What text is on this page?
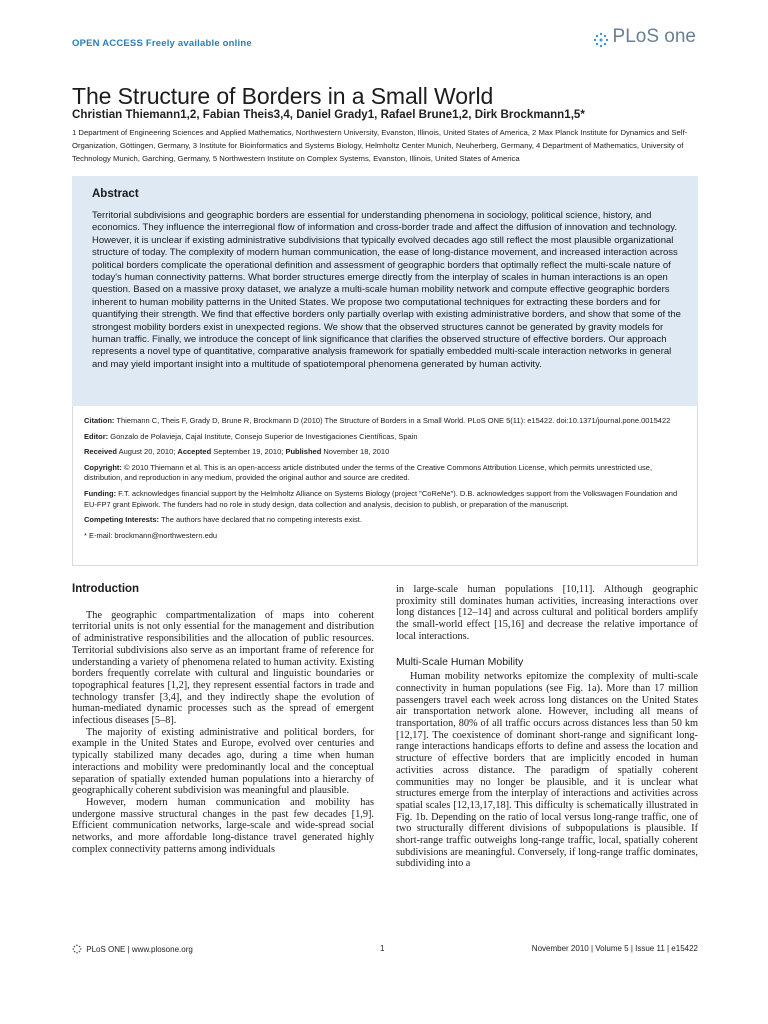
OPEN ACCESS Freely available online	PLoS one
The Structure of Borders in a Small World
Christian Thiemann1,2, Fabian Theis3,4, Daniel Grady1, Rafael Brune1,2, Dirk Brockmann1,5*
1 Department of Engineering Sciences and Applied Mathematics, Northwestern University, Evanston, Illinois, United States of America, 2 Max Planck Institute for Dynamics and Self-Organization, Göttingen, Germany, 3 Institute for Bioinformatics and Systems Biology, Helmholtz Center Munich, Neuherberg, Germany, 4 Department of Mathematics, University of Technology Munich, Garching, Germany, 5 Northwestern Institute on Complex Systems, Evanston, Illinois, United States of America
Abstract
Territorial subdivisions and geographic borders are essential for understanding phenomena in sociology, political science, history, and economics. They influence the interregional flow of information and cross-border trade and affect the diffusion of innovation and technology. However, it is unclear if existing administrative subdivisions that typically evolved decades ago still reflect the most plausible organizational structure of today. The complexity of modern human communication, the ease of long-distance movement, and increased interaction across political borders complicate the operational definition and assessment of geographic borders that optimally reflect the multi-scale nature of today's human connectivity patterns. What border structures emerge directly from the interplay of scales in human interactions is an open question. Based on a massive proxy dataset, we analyze a multi-scale human mobility network and compute effective geographic borders inherent to human mobility patterns in the United States. We propose two computational techniques for extracting these borders and for quantifying their strength. We find that effective borders only partially overlap with existing administrative borders, and show that some of the strongest mobility borders exist in unexpected regions. We show that the observed structures cannot be generated by gravity models for human traffic. Finally, we introduce the concept of link significance that clarifies the observed structure of effective borders. Our approach represents a novel type of quantitative, comparative analysis framework for spatially embedded multi-scale interaction networks in general and may yield important insight into a multitude of spatiotemporal phenomena generated by human activity.

Citation: Thiemann C, Theis F, Grady D, Brune R, Brockmann D (2010) The Structure of Borders in a Small World. PLoS ONE 5(11): e15422. doi:10.1371/journal.pone.0015422

Editor: Gonzalo de Polavieja, Cajal Institute, Consejo Superior de Investigaciones Científicas, Spain

Received August 20, 2010; Accepted September 19, 2010; Published November 18, 2010

Copyright: © 2010 Thiemann et al. This is an open-access article distributed under the terms of the Creative Commons Attribution License, which permits unrestricted use, distribution, and reproduction in any medium, provided the original author and source are credited.

Funding: F.T. acknowledges financial support by the Helmholtz Alliance on Systems Biology (project "CoReNe"). D.B. acknowledges support from the Volkswagen Foundation and EU-FP7 grant Epiwork. The funders had no role in study design, data collection and analysis, decision to publish, or preparation of the manuscript.

Competing Interests: The authors have declared that no competing interests exist.

* E-mail: brockmann@northwestern.edu

Introduction

The geographic compartmentalization of maps into coherent territorial units is not only essential for the management and distribution of administrative responsibilities and the allocation of public resources. Territorial subdivisions also serve as an important frame of reference for understanding a variety of phenomena related to human activity. Existing borders frequently correlate with cultural and linguistic boundaries or topographical features [1,2], they represent essential factors in trade and technology transfer [3,4], and they indirectly shape the evolution of human-mediated dynamic processes such as the spread of emergent infectious diseases [5–8].

The majority of existing administrative and political borders, for example in the United States and Europe, evolved over centuries and typically stabilized many decades ago, during a time when human interactions and mobility were predominantly local and the conceptual separation of spatially extended human populations into a hierarchy of geographically coherent subdivision was meaningful and plausible.

However, modern human communication and mobility has undergone massive structural changes in the past few decades [1,9]. Efficient communication networks, large-scale and wide-spread social networks, and more affordable long-distance travel generated highly complex connectivity patterns among individuals

in large-scale human populations [10,11]. Although geographic proximity still dominates human activities, increasing interactions over long distances [12–14] and across cultural and political borders amplify the small-world effect [15,16] and decrease the relative importance of local interactions.

Multi-Scale Human Mobility

Human mobility networks epitomize the complexity of multi-scale connectivity in human populations (see Fig. 1a). More than 17 million passengers travel each week across long distances on the United States air transportation network alone. However, including all means of transportation, 80% of all traffic occurs across distances less than 50 km [12,17]. The coexistence of dominant short-range and significant long-range interactions handicaps efforts to define and assess the location and structure of effective borders that are implicitly encoded in human activities across distance. The paradigm of spatially coherent communities may no longer be plausible, and it is unclear what structures emerge from the interplay of interactions and activities across spatial scales [12,13,17,18]. This difficulty is schematically illustrated in Fig. 1b. Depending on the ratio of local versus long-range traffic, one of two structurally different divisions of subpopulations is plausible. If short-range traffic outweighs long-range traffic, local, spatially coherent subdivisions are meaningful. Conversely, if long-range traffic dominates, subdividing into a

PLoS ONE | www.plosone.org	1	November 2010 | Volume 5 | Issue 11 | e15422
